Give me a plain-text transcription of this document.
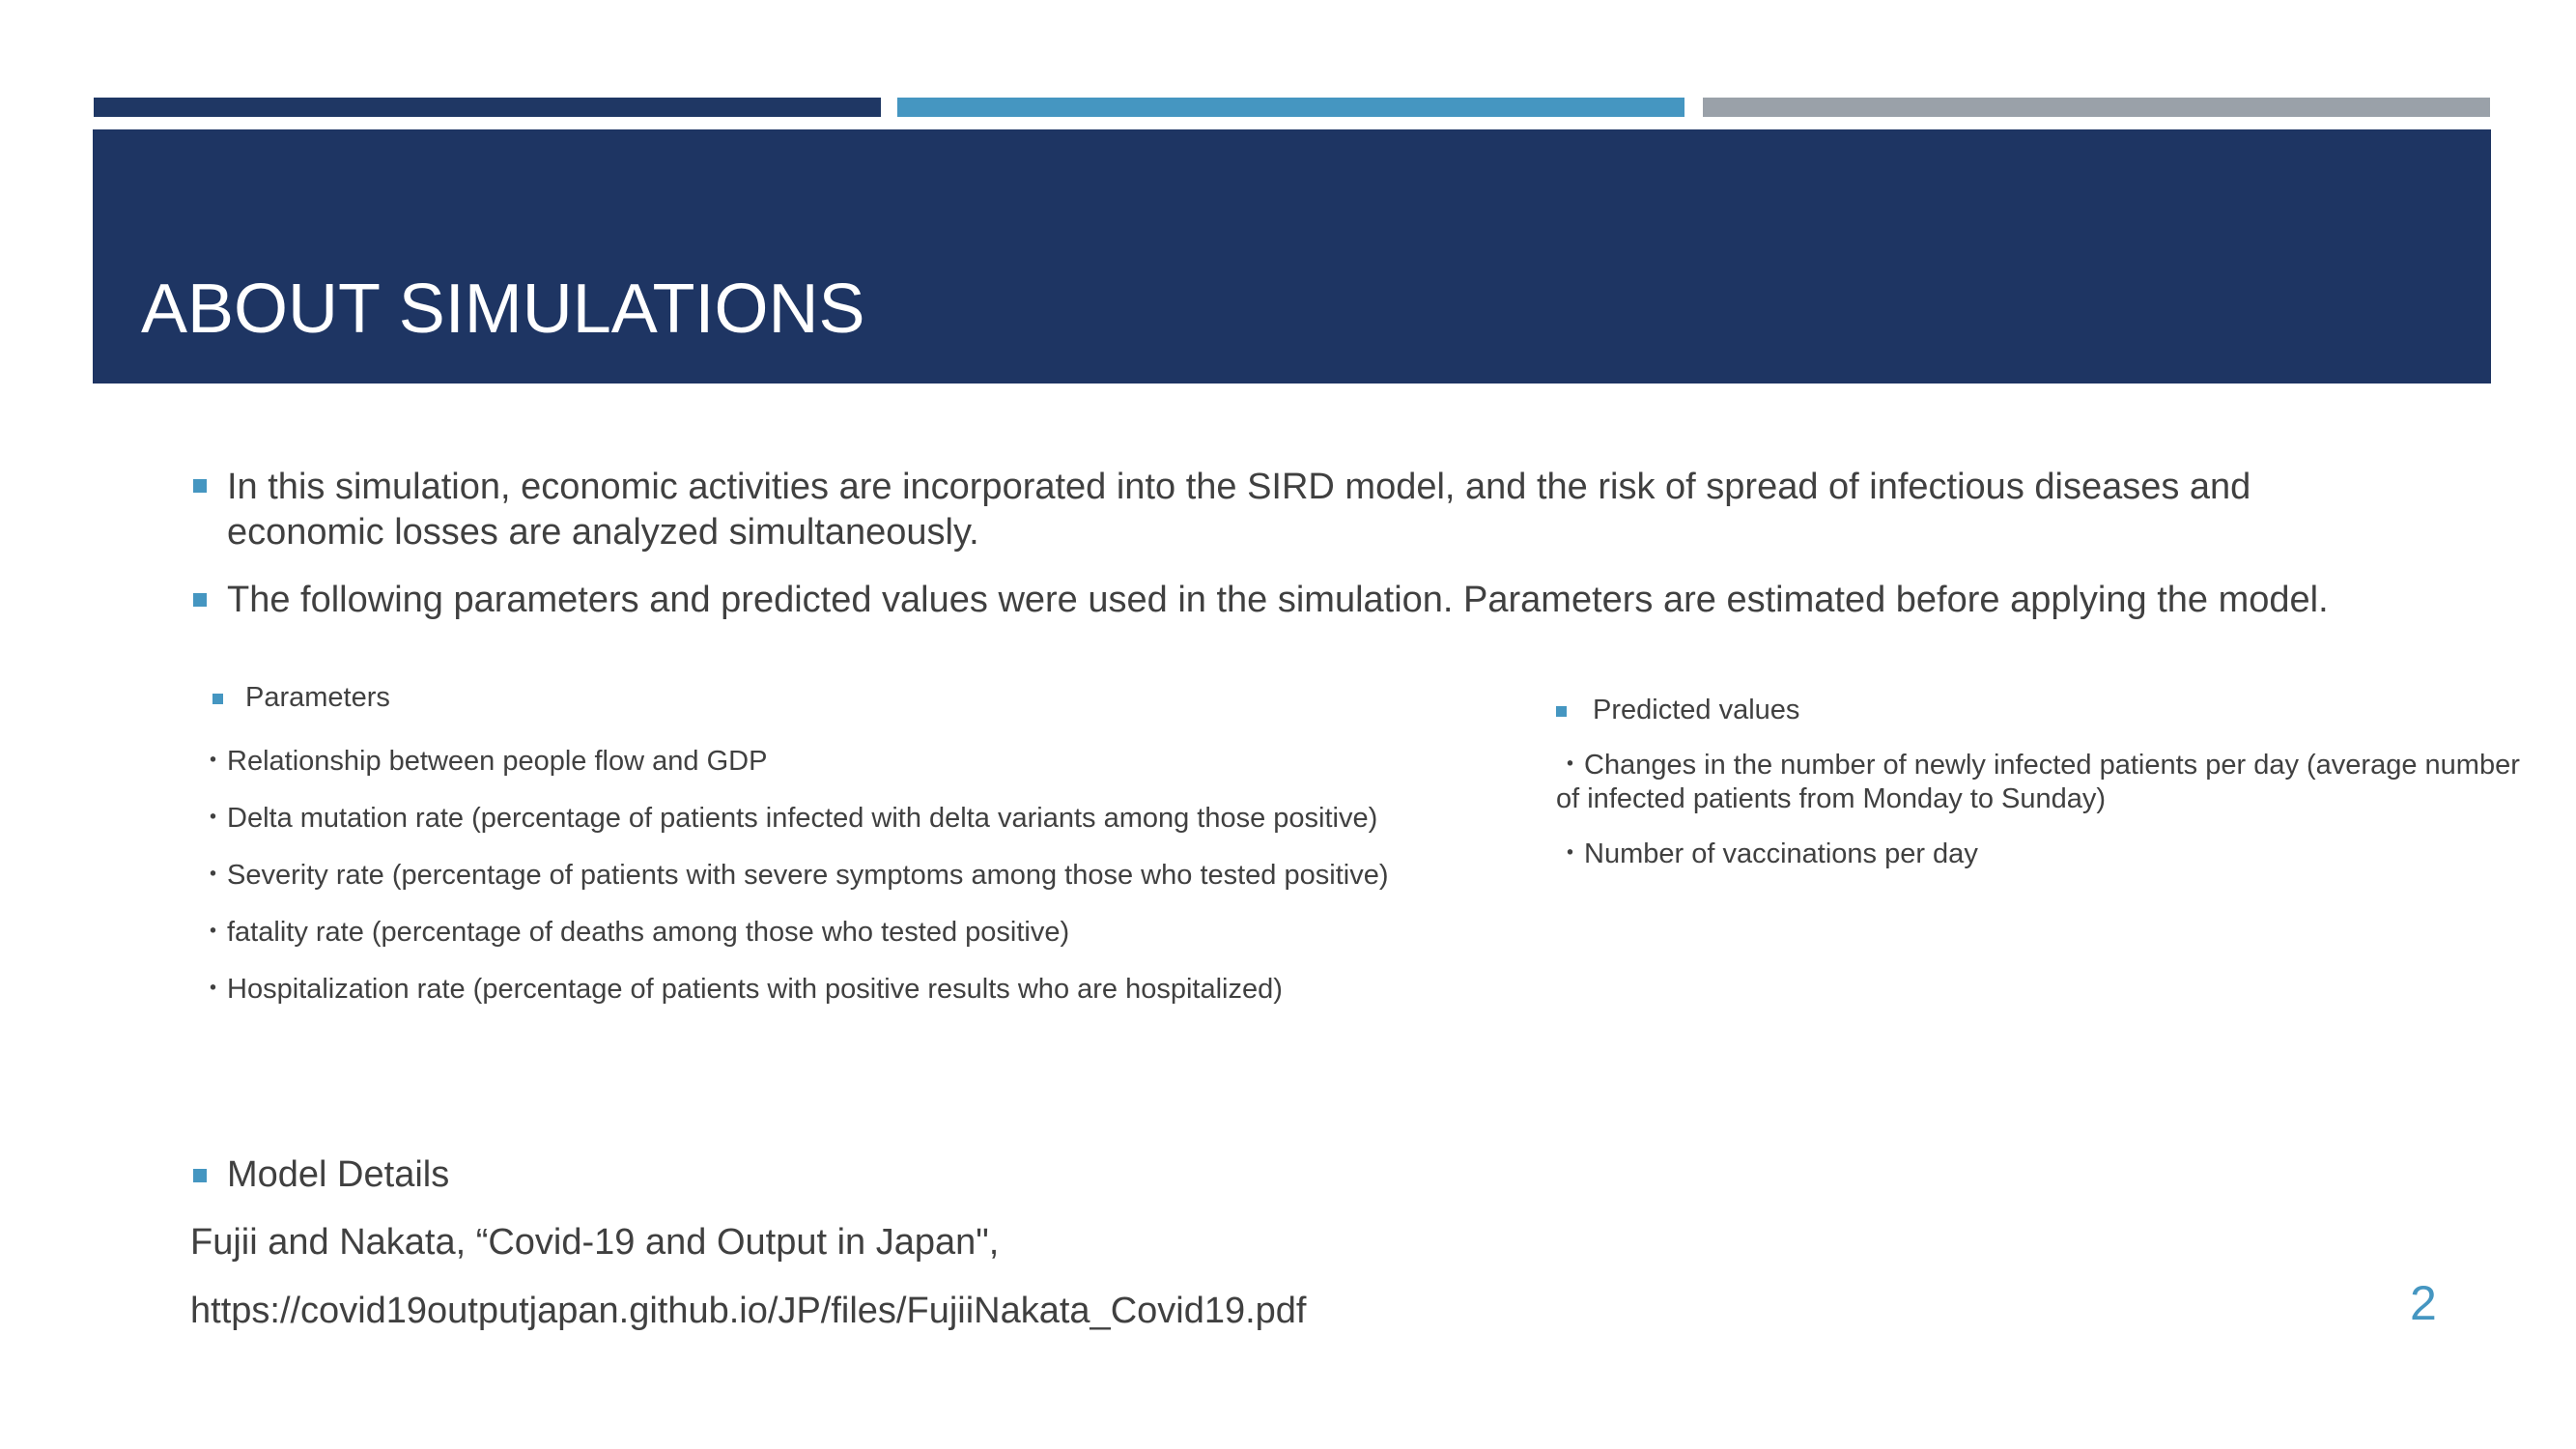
ABOUT SIMULATIONS
In this simulation, economic activities are incorporated into the SIRD model, and the risk of spread of infectious diseases and economic losses are analyzed simultaneously.
The following parameters and predicted values were used in the simulation. Parameters are estimated before applying the model.
Parameters
・Relationship between people flow and GDP
・Delta mutation rate (percentage of patients infected with delta variants among those positive)
・Severity rate (percentage of patients with severe symptoms among those who tested positive)
・fatality rate (percentage of deaths among those who tested positive)
・Hospitalization rate (percentage of patients with positive results who are hospitalized)
Predicted values
・Changes in the number of newly infected patients per day (average number of infected patients from Monday to Sunday)
・Number of vaccinations per day
Model Details
Fujii and Nakata, “Covid-19 and Output in Japan",
https://covid19outputjapan.github.io/JP/files/FujiiNakata_Covid19.pdf	2
